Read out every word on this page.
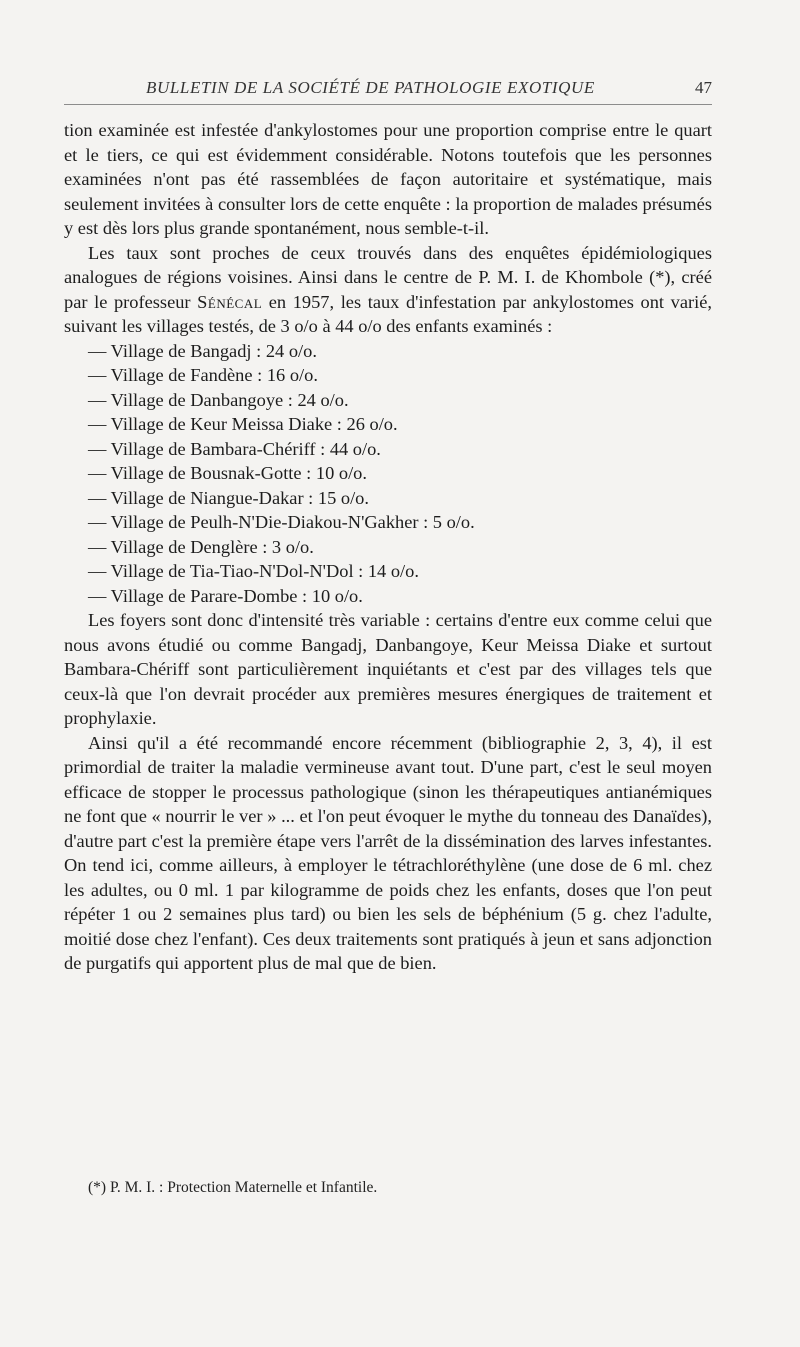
BULLETIN DE LA SOCIÉTÉ DE PATHOLOGIE EXOTIQUE	47

tion examinée est infestée d'ankylostomes pour une proportion comprise entre le quart et le tiers, ce qui est évidemment considérable. Notons toutefois que les personnes examinées n'ont pas été rassemblées de façon autoritaire et systématique, mais seulement invitées à consulter lors de cette enquête : la proportion de malades présumés y est dès lors plus grande spontanément, nous semble-t-il.

Les taux sont proches de ceux trouvés dans des enquêtes épidémiologiques analogues de régions voisines. Ainsi dans le centre de P. M. I. de Khombole (*), créé par le professeur Sénécal en 1957, les taux d'infestation par ankylostomes ont varié, suivant les villages testés, de 3 o/o à 44 o/o des enfants examinés :

— Village de Bangadj : 24 o/o.
— Village de Fandène : 16 o/o.
— Village de Danbangoye : 24 o/o.
— Village de Keur Meissa Diake : 26 o/o.
— Village de Bambara-Chériff : 44 o/o.
— Village de Bousnak-Gotte : 10 o/o.
— Village de Niangue-Dakar : 15 o/o.
— Village de Peulh-N'Die-Diakou-N'Gakher : 5 o/o.
— Village de Denglère : 3 o/o.
— Village de Tia-Tiao-N'Dol-N'Dol : 14 o/o.
— Village de Parare-Dombe : 10 o/o.

Les foyers sont donc d'intensité très variable : certains d'entre eux comme celui que nous avons étudié ou comme Bangadj, Danbangoye, Keur Meissa Diake et surtout Bambara-Chériff sont particulièrement inquiétants et c'est par des villages tels que ceux-là que l'on devrait procéder aux premières mesures énergiques de traitement et prophylaxie.

Ainsi qu'il a été recommandé encore récemment (bibliographie 2, 3, 4), il est primordial de traiter la maladie vermineuse avant tout. D'une part, c'est le seul moyen efficace de stopper le processus pathologique (sinon les thérapeutiques antianémiques ne font que « nourrir le ver » ... et l'on peut évoquer le mythe du tonneau des Danaïdes), d'autre part c'est la première étape vers l'arrêt de la dissémination des larves infestantes. On tend ici, comme ailleurs, à employer le tétrachloréthylène (une dose de 6 ml. chez les adultes, ou 0 ml. 1 par kilogramme de poids chez les enfants, doses que l'on peut répéter 1 ou 2 semaines plus tard) ou bien les sels de béphénium (5 g. chez l'adulte, moitié dose chez l'enfant). Ces deux traitements sont pratiqués à jeun et sans adjonction de purgatifs qui apportent plus de mal que de bien.

(*) P. M. I. : Protection Maternelle et Infantile.
